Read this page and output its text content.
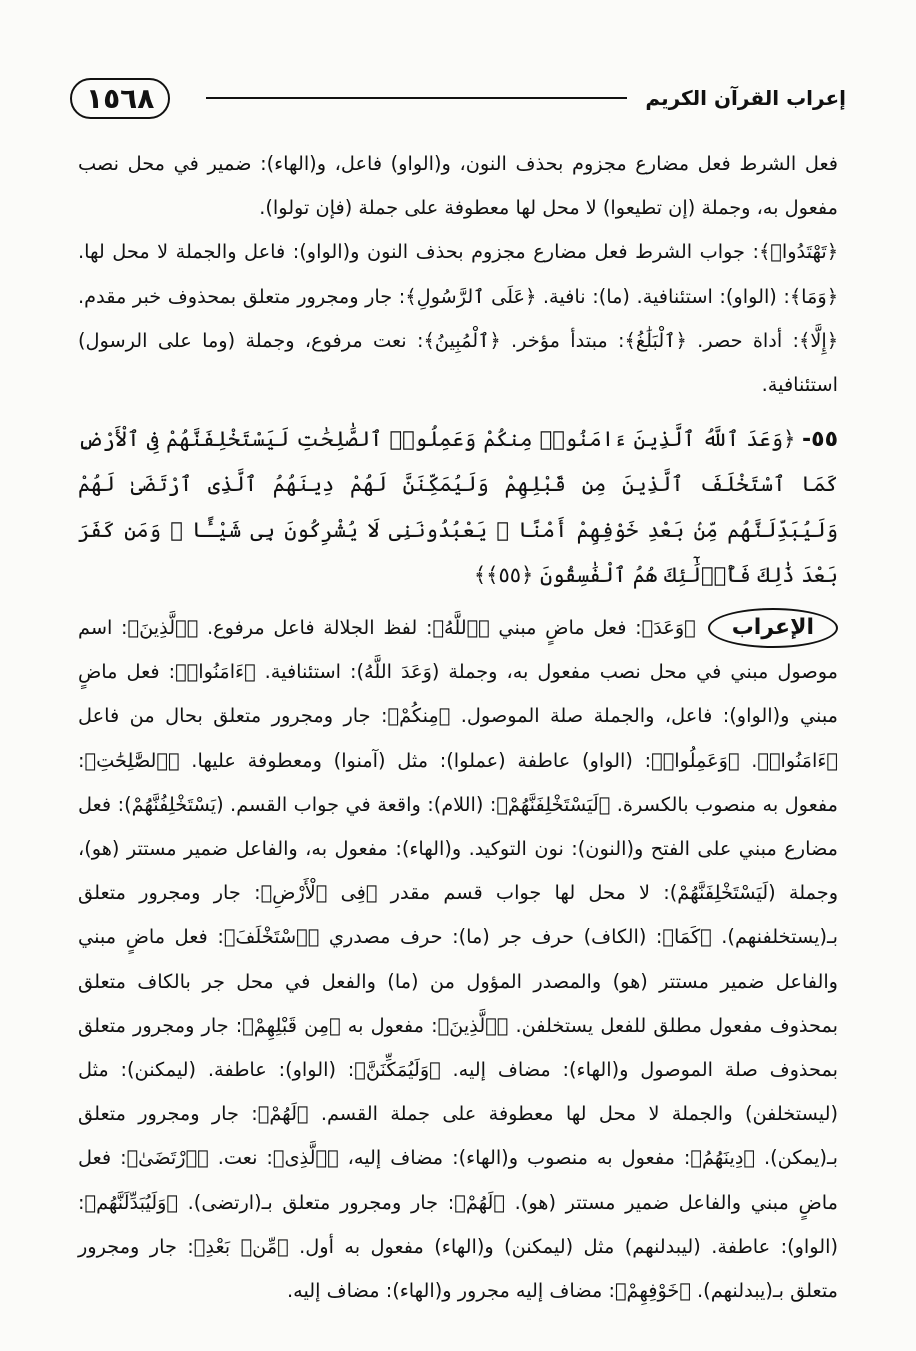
إعراب القرآن الكريم
١٥٦٨

فعل الشرط فعل مضارع مجزوم بحذف النون، و(الواو) فاعل، و(الهاء): ضمير في محل نصب مفعول به، وجملة (إن تطيعوا) لا محل لها معطوفة على جملة (فإن تولوا).

﴿تَهْتَدُوا۟﴾: جواب الشرط فعل مضارع مجزوم بحذف النون و(الواو): فاعل والجملة لا محل لها. ﴿وَمَا﴾: (الواو): استئنافية. (ما): نافية. ﴿عَلَى ٱلرَّسُولِ﴾: جار ومجرور متعلق بمحذوف خبر مقدم. ﴿إِلَّا﴾: أداة حصر. ﴿ٱلْبَلَٰغُ﴾: مبتدأ مؤخر. ﴿ٱلْمُبِينُ﴾: نعت مرفوع، وجملة (وما على الرسول) استئنافية.

٥٥- ﴿وَعَدَ ٱللَّهُ ٱلَّذِينَ ءَامَنُوا۟ مِنكُمْ وَعَمِلُوا۟ ٱلصَّٰلِحَٰتِ لَيَسْتَخْلِفَنَّهُمْ فِى ٱلْأَرْضِ كَمَا ٱسْتَخْلَفَ ٱلَّذِينَ مِن قَبْلِهِمْ وَلَيُمَكِّنَنَّ لَهُمْ دِينَهُمُ ٱلَّذِى ٱرْتَضَىٰ لَهُمْ وَلَيُبَدِّلَنَّهُم مِّنۢ بَعْدِ خَوْفِهِمْ أَمْنًا ۚ يَعْبُدُونَنِى لَا يُشْرِكُونَ بِى شَيْـًٔا ۚ وَمَن كَفَرَ بَعْدَ ذَٰلِكَ فَأُو۟لَٰٓئِكَ هُمُ ٱلْفَٰسِقُونَ ﴿٥٥﴾﴾

الإعراب
﴿وَعَدَ﴾: فعل ماضٍ مبني ﴿ٱللَّهُ﴾: لفظ الجلالة فاعل مرفوع. ﴿ٱلَّذِينَ﴾: اسم موصول مبني في محل نصب مفعول به، وجملة (وَعَدَ اللَّهُ): استئنافية. ﴿ءَامَنُوا۟﴾: فعل ماضٍ مبني و(الواو): فاعل، والجملة صلة الموصول. ﴿مِنكُمْ﴾: جار ومجرور متعلق بحال من فاعل ﴿ءَامَنُوا۟﴾. ﴿وَعَمِلُوا۟﴾: (الواو) عاطفة (عملوا): مثل (آمنوا) ومعطوفة عليها. ﴿ٱلصَّٰلِحَٰتِ﴾: مفعول به منصوب بالكسرة. ﴿لَيَسْتَخْلِفَنَّهُمْ﴾: (اللام): واقعة في جواب القسم. (يَسْتَخْلِفُنَّهُمْ): فعل مضارع مبني على الفتح و(النون): نون التوكيد. و(الهاء): مفعول به، والفاعل ضمير مستتر (هو)، وجملة (لَيَسْتَخْلِفَنَّهُمْ): لا محل لها جواب قسم مقدر ﴿فِى ٱلْأَرْضِ﴾: جار ومجرور متعلق بـ(يستخلفنهم). ﴿كَمَا﴾: (الكاف) حرف جر (ما): حرف مصدري ﴿ٱسْتَخْلَفَ﴾: فعل ماضٍ مبني والفاعل ضمير مستتر (هو) والمصدر المؤول من (ما) والفعل في محل جر بالكاف متعلق بمحذوف مفعول مطلق للفعل يستخلفن. ﴿ٱلَّذِينَ﴾: مفعول به ﴿مِن قَبْلِهِمْ﴾: جار ومجرور متعلق بمحذوف صلة الموصول و(الهاء): مضاف إليه. ﴿وَلَيُمَكِّنَنَّ﴾: (الواو): عاطفة. (ليمكنن): مثل (ليستخلفن) والجملة لا محل لها معطوفة على جملة القسم. ﴿لَهُمْ﴾: جار ومجرور متعلق بـ(يمكن). ﴿دِينَهُمُ﴾: مفعول به منصوب و(الهاء): مضاف إليه، ﴿ٱلَّذِى﴾: نعت. ﴿ٱرْتَضَىٰ﴾: فعل ماضٍ مبني والفاعل ضمير مستتر (هو). ﴿لَهُمْ﴾: جار ومجرور متعلق بـ(ارتضى). ﴿وَلَيُبَدِّلَنَّهُم﴾: (الواو): عاطفة. (ليبدلنهم) مثل (ليمكنن) و(الهاء) مفعول به أول. ﴿مِّنۢ بَعْدِ﴾: جار ومجرور متعلق بـ(يبدلنهم). ﴿خَوْفِهِمْ﴾: مضاف إليه مجرور و(الهاء): مضاف إليه.
